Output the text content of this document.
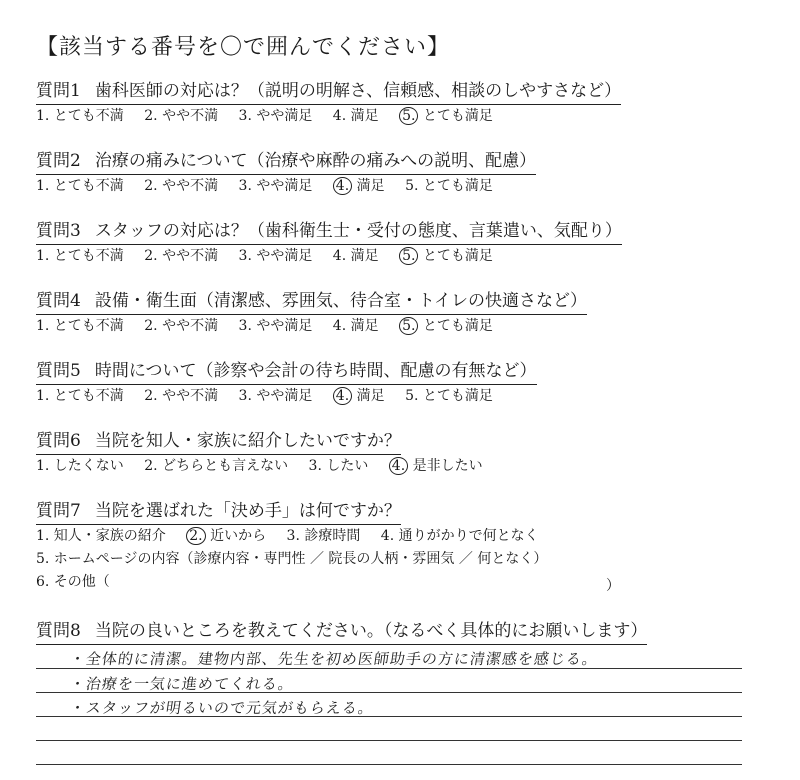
【該当する番号を〇で囲んでください】
質問1 歯科医師の対応は？（説明の明解さ、信頼感、相談のしやすさなど）
1. とても不満 2. やや不満 3. やや満足 4. 満足 5. とても満足
質問2 治療の痛みについて（治療や麻酔の痛みへの説明、配慮）
1. とても不満 2. やや不満 3. やや満足 4. 満足 5. とても満足
質問3 スタッフの対応は？（歯科衛生士・受付の態度、言葉遣い、気配り）
1. とても不満 2. やや不満 3. やや満足 4. 満足 5. とても満足
質問4 設備・衛生面（清潔感、雰囲気、待合室・トイレの快適さなど）
1. とても不満 2. やや不満 3. やや満足 4. 満足 5. とても満足
質問5 時間について（診察や会計の待ち時間、配慮の有無など）
1. とても不満 2. やや不満 3. やや満足 4. 満足 5. とても満足
質問6 当院を知人・家族に紹介したいですか？
1. したくない 2. どちらとも言えない 3. したい 4. 是非したい
質問7 当院を選ばれた「決め手」は何ですか？
1. 知人・家族の紹介 2. 近いから 3. 診療時間 4. 通りがかりで何となく
5. ホームページの内容（診療内容・専門性 ／ 院長の人柄・雰囲気 ／ 何となく）
6. その他（	）
質問8 当院の良いところを教えてください。（なるべく具体的にお願いします）
・全体的に清潔。建物内部、先生を初め医師助手の方に清潔感を感じる。
・治療を一気に進めてくれる。
・スタッフが明るいので元気がもらえる。
